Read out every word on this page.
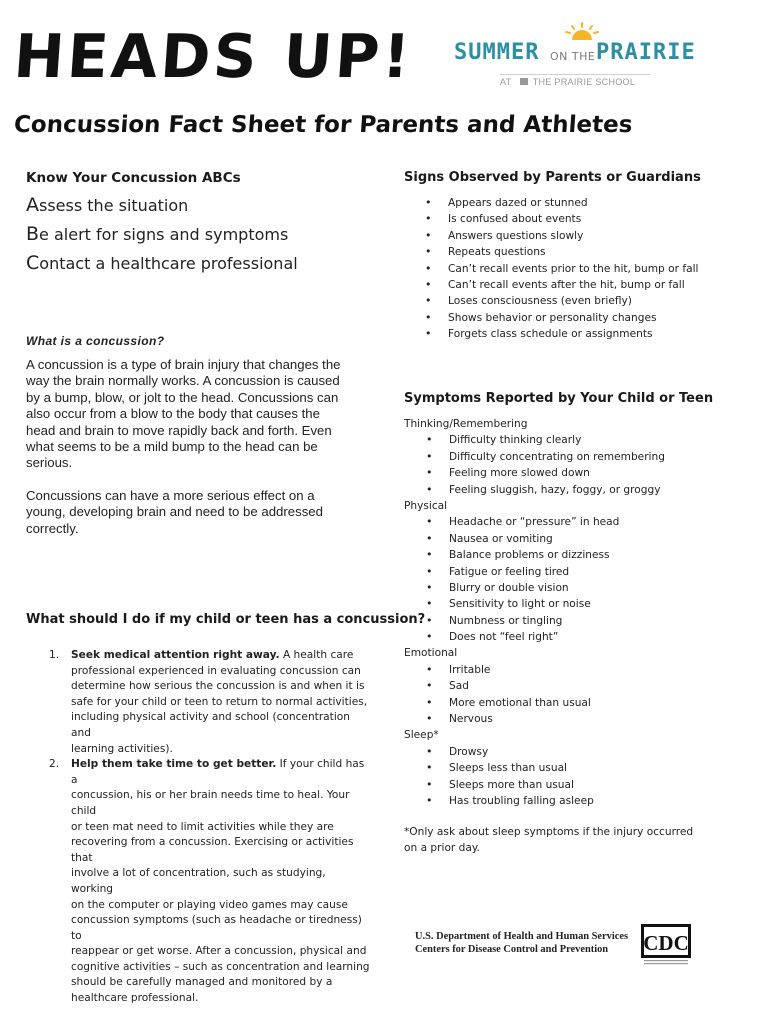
HEADS UP!
Concussion Fact Sheet for Parents and Athletes
SUMMER ON THE PRAIRIE
AT THE PRAIRIE SCHOOL
Know Your Concussion ABCs
Assess the situation
Be alert for signs and symptoms
Contact a healthcare professional
What is a concussion?
A concussion is a type of brain injury that changes the
way the brain normally works. A concussion is caused
by a bump, blow, or jolt to the head. Concussions can
also occur from a blow to the body that causes the
head and brain to move rapidly back and forth. Even
what seems to be a mild bump to the head can be
serious.
Concussions can have a more serious effect on a
young, developing brain and need to be addressed
correctly.
What should I do if my child or teen has a concussion?
1. Seek medical attention right away. A health care
professional experienced in evaluating concussion can
determine how serious the concussion is and when it is
safe for your child or teen to return to normal activities,
including physical activity and school (concentration and
learning activities).
2. Help them take time to get better. If your child has a
concussion, his or her brain needs time to heal. Your child
or teen mat need to limit activities while they are
recovering from a concussion. Exercising or activities that
involve a lot of concentration, such as studying, working
on the computer or playing video games may cause
concussion symptoms (such as headache or tiredness) to
reappear or get worse. After a concussion, physical and
cognitive activities – such as concentration and learning
should be carefully managed and monitored by a
healthcare professional.
Signs Observed by Parents or Guardians
• Appears dazed or stunned
• Is confused about events
• Answers questions slowly
• Repeats questions
• Can’t recall events prior to the hit, bump or fall
• Can’t recall events after the hit, bump or fall
• Loses consciousness (even briefly)
• Shows behavior or personality changes
• Forgets class schedule or assignments
Symptoms Reported by Your Child or Teen
Thinking/Remembering
• Difficulty thinking clearly
• Difficulty concentrating on remembering
• Feeling more slowed down
• Feeling sluggish, hazy, foggy, or groggy
Physical
• Headache or “pressure” in head
• Nausea or vomiting
• Balance problems or dizziness
• Fatigue or feeling tired
• Blurry or double vision
• Sensitivity to light or noise
• Numbness or tingling
• Does not “feel right”
Emotional
• Irritable
• Sad
• More emotional than usual
• Nervous
Sleep*
• Drowsy
• Sleeps less than usual
• Sleeps more than usual
• Has troubling falling asleep
*Only ask about sleep symptoms if the injury occurred
on a prior day.
U.S. Department of Health and Human Services
Centers for Disease Control and Prevention	CDC
